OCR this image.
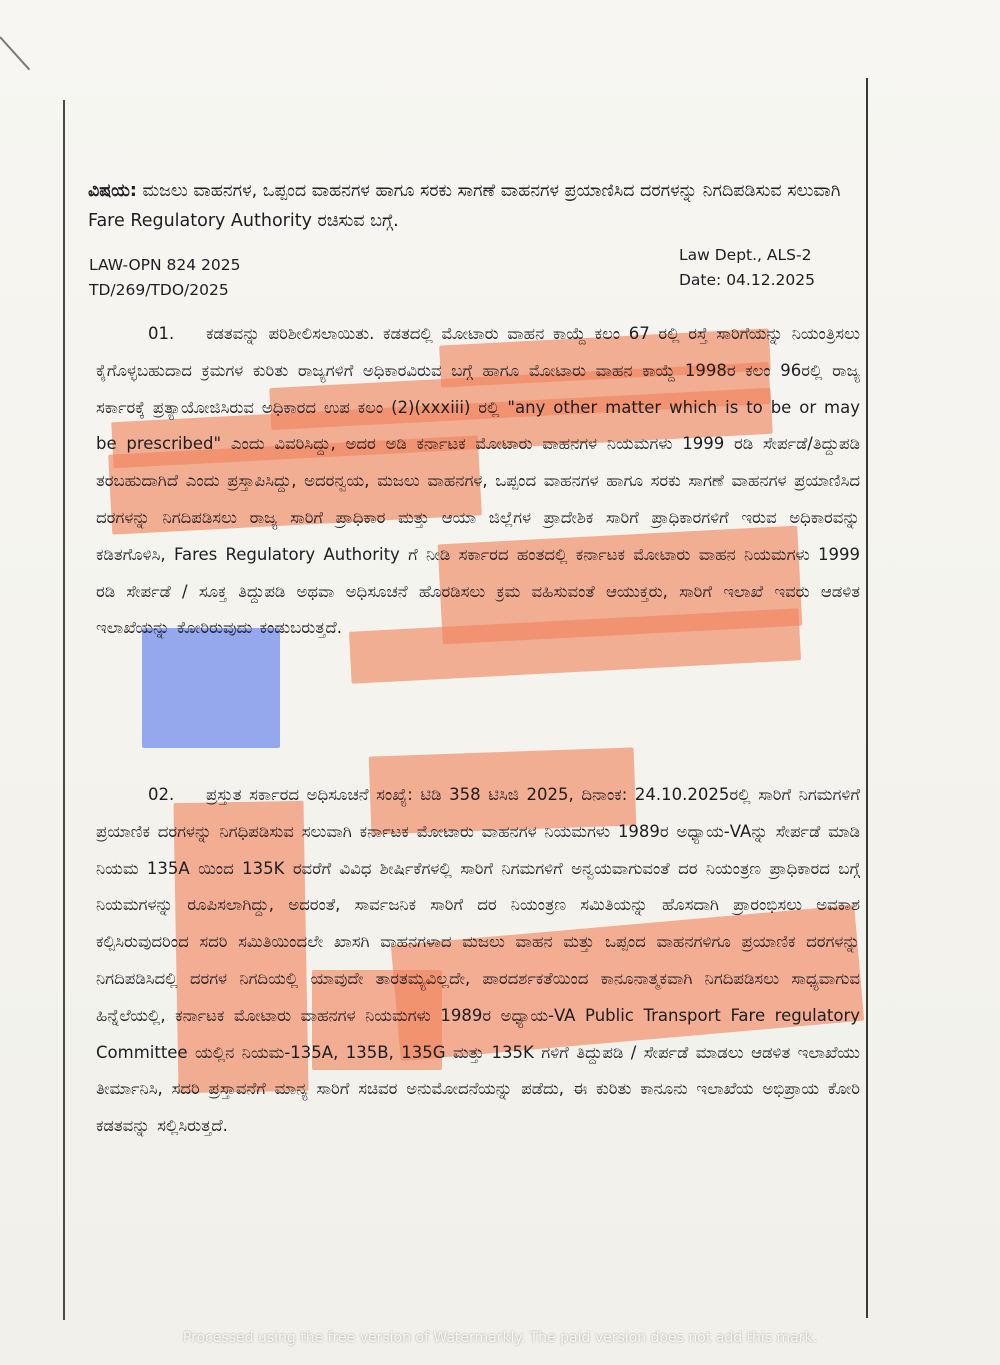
ವಿಷಯ: ಮಜಲು ವಾಹನಗಳ, ಒಪ್ಪಂದ ವಾಹನಗಳ ಹಾಗೂ ಸರಕು ಸಾಗಣೆ ವಾಹನಗಳ ಪ್ರಯಾಣಿಸಿದ ದರಗಳನ್ನು ನಿಗದಿಪಡಿಸುವ ಸಲುವಾಗಿ Fare Regulatory Authority ರಚಿಸುವ ಬಗ್ಗೆ.
LAW-OPN 824 2025
TD/269/TDO/2025
Law Dept., ALS-2
Date: 04.12.2025

01. ಕಡತವನ್ನು ಪರಿಶೀಲಿಸಲಾಯಿತು. ಕಡತದಲ್ಲಿ ಮೋಟಾರು ವಾಹನ ಕಾಯ್ದೆ ಕಲಂ 67 ರಲ್ಲಿ ರಸ್ತೆ ಸಾರಿಗೆಯನ್ನು ನಿಯಂತ್ರಿಸಲು ಕೈಗೊಳ್ಳಬಹುದಾದ ಕ್ರಮಗಳ ಕುರಿತು ರಾಜ್ಯಗಳಿಗೆ ಅಧಿಕಾರವಿರುವ ಬಗ್ಗೆ ಹಾಗೂ ಮೋಟಾರು ವಾಹನ ಕಾಯ್ದೆ 1998ರ ಕಲಂ 96ರಲ್ಲಿ ರಾಜ್ಯ ಸರ್ಕಾರಕ್ಕೆ ಪ್ರತ್ಯಾಯೋಜಿಸಿರುವ ಅಧಿಕಾರದ ಉಪ ಕಲಂ (2)(xxxiii) ರಲ್ಲಿ "any other matter which is to be or may be prescribed" ಎಂದು ವಿವರಿಸಿದ್ದು, ಅದರ ಅಡಿ ಕರ್ನಾಟಕ ಮೋಟಾರು ವಾಹನಗಳ ನಿಯಮಗಳು 1999 ರಡಿ ಸೇರ್ಪಡೆ/ತಿದ್ದುಪಡಿ ತರಬಹುದಾಗಿದೆ ಎಂದು ಪ್ರಸ್ತಾಪಿಸಿದ್ದು, ಅದರನ್ವಯ, ಮಜಲು ವಾಹನಗಳ, ಒಪ್ಪಂದ ವಾಹನಗಳ ಹಾಗೂ ಸರಕು ಸಾಗಣೆ ವಾಹನಗಳ ಪ್ರಯಾಣಿಸಿದ ದರಗಳನ್ನು ನಿಗದಿಪಡಿಸಲು ರಾಜ್ಯ ಸಾರಿಗೆ ಪ್ರಾಧಿಕಾರ ಮತ್ತು ಆಯಾ ಜಿಲ್ಲೆಗಳ ಪ್ರಾದೇಶಿಕ ಸಾರಿಗೆ ಪ್ರಾಧಿಕಾರಗಳಿಗೆ ಇರುವ ಅಧಿಕಾರವನ್ನು ಕಡಿತಗೊಳಿಸಿ, Fares Regulatory Authority ಗೆ ನೀಡಿ ಸರ್ಕಾರದ ಹಂತದಲ್ಲಿ ಕರ್ನಾಟಕ ಮೋಟಾರು ವಾಹನ ನಿಯಮಗಳು 1999 ರಡಿ ಸೇರ್ಪಡೆ / ಸೂಕ್ತ ತಿದ್ದುಪಡಿ ಅಥವಾ ಅಧಿಸೂಚನೆ ಹೊರಡಿಸಲು ಕ್ರಮ ವಹಿಸುವಂತೆ ಆಯುಕ್ತರು, ಸಾರಿಗೆ ಇಲಾಖೆ ಇವರು ಆಡಳಿತ ಇಲಾಖೆಯನ್ನು ಕೋರಿರುವುದು ಕಂಡುಬರುತ್ತದೆ.

02. ಪ್ರಸ್ತುತ ಸರ್ಕಾರದ ಅಧಿಸೂಚನೆ ಸಂಖ್ಯೆ: ಟಿಡಿ 358 ಟಿಸಿಜಿ 2025, ದಿನಾಂಕ: 24.10.2025ರಲ್ಲಿ ಸಾರಿಗೆ ನಿಗಮಗಳಿಗೆ ಪ್ರಯಾಣಿಕ ದರಗಳನ್ನು ನಿಗಧಿಪಡಿಸುವ ಸಲುವಾಗಿ ಕರ್ನಾಟಕ ಮೋಟಾರು ವಾಹನಗಳ ನಿಯಮಗಳು 1989ರ ಅಧ್ಯಾಯ-VAನ್ನು ಸೇರ್ಪಡೆ ಮಾಡಿ ನಿಯಮ 135A ಯಿಂದ 135K ರವರೆಗೆ ವಿವಿಧ ಶೀರ್ಷಿಕೆಗಳಲ್ಲಿ ಸಾರಿಗೆ ನಿಗಮಗಳಿಗೆ ಅನ್ವಯವಾಗುವಂತೆ ದರ ನಿಯಂತ್ರಣ ಪ್ರಾಧಿಕಾರದ ಬಗ್ಗೆ ನಿಯಮಗಳನ್ನು ರೂಪಿಸಲಾಗಿದ್ದು, ಅದರಂತೆ, ಸಾರ್ವಜನಿಕ ಸಾರಿಗೆ ದರ ನಿಯಂತ್ರಣ ಸಮಿತಿಯನ್ನು ಹೊಸದಾಗಿ ಪ್ರಾರಂಭಿಸಲು ಅವಕಾಶ ಕಲ್ಪಿಸಿರುವುದರಿಂದ ಸದರಿ ಸಮಿತಿಯಿಂದಲೇ ಖಾಸಗಿ ವಾಹನಗಳಾದ ಮಜಲು ವಾಹನ ಮತ್ತು ಒಪ್ಪಂದ ವಾಹನಗಳಿಗೂ ಪ್ರಯಾಣಿಕ ದರಗಳನ್ನು ನಿಗದಿಪಡಿಸಿದಲ್ಲಿ ದರಗಳ ನಿಗದಿಯಲ್ಲಿ ಯಾವುದೇ ತಾರತಮ್ಯವಿಲ್ಲದೇ, ಪಾರದರ್ಶಕತೆಯಿಂದ ಕಾನೂನಾತ್ಮಕವಾಗಿ ನಿಗದಿಪಡಿಸಲು ಸಾಧ್ಯವಾಗುವ ಹಿನ್ನೆಲೆಯಲ್ಲಿ, ಕರ್ನಾಟಕ ಮೋಟಾರು ವಾಹನಗಳ ನಿಯಮಗಳು 1989ರ ಅಧ್ಯಾಯ-VA Public Transport Fare regulatory Committee ಯಲ್ಲಿನ ನಿಯಮ-135A, 135B, 135G ಮತ್ತು 135K ಗಳಿಗೆ ತಿದ್ದುಪಡಿ / ಸೇರ್ಪಡೆ ಮಾಡಲು ಆಡಳಿತ ಇಲಾಖೆಯು ತೀರ್ಮಾನಿಸಿ, ಸದರಿ ಪ್ರಸ್ತಾವನೆಗೆ ಮಾನ್ಯ ಸಾರಿಗೆ ಸಚಿವರ ಅನುಮೋದನೆಯನ್ನು ಪಡೆದು, ಈ ಕುರಿತು ಕಾನೂನು ಇಲಾಖೆಯ ಅಭಿಪ್ರಾಯ ಕೋರಿ ಕಡತವನ್ನು ಸಲ್ಲಿಸಿರುತ್ತದೆ.

Processed using the free version of Watermarkly. The paid version does not add this mark.
